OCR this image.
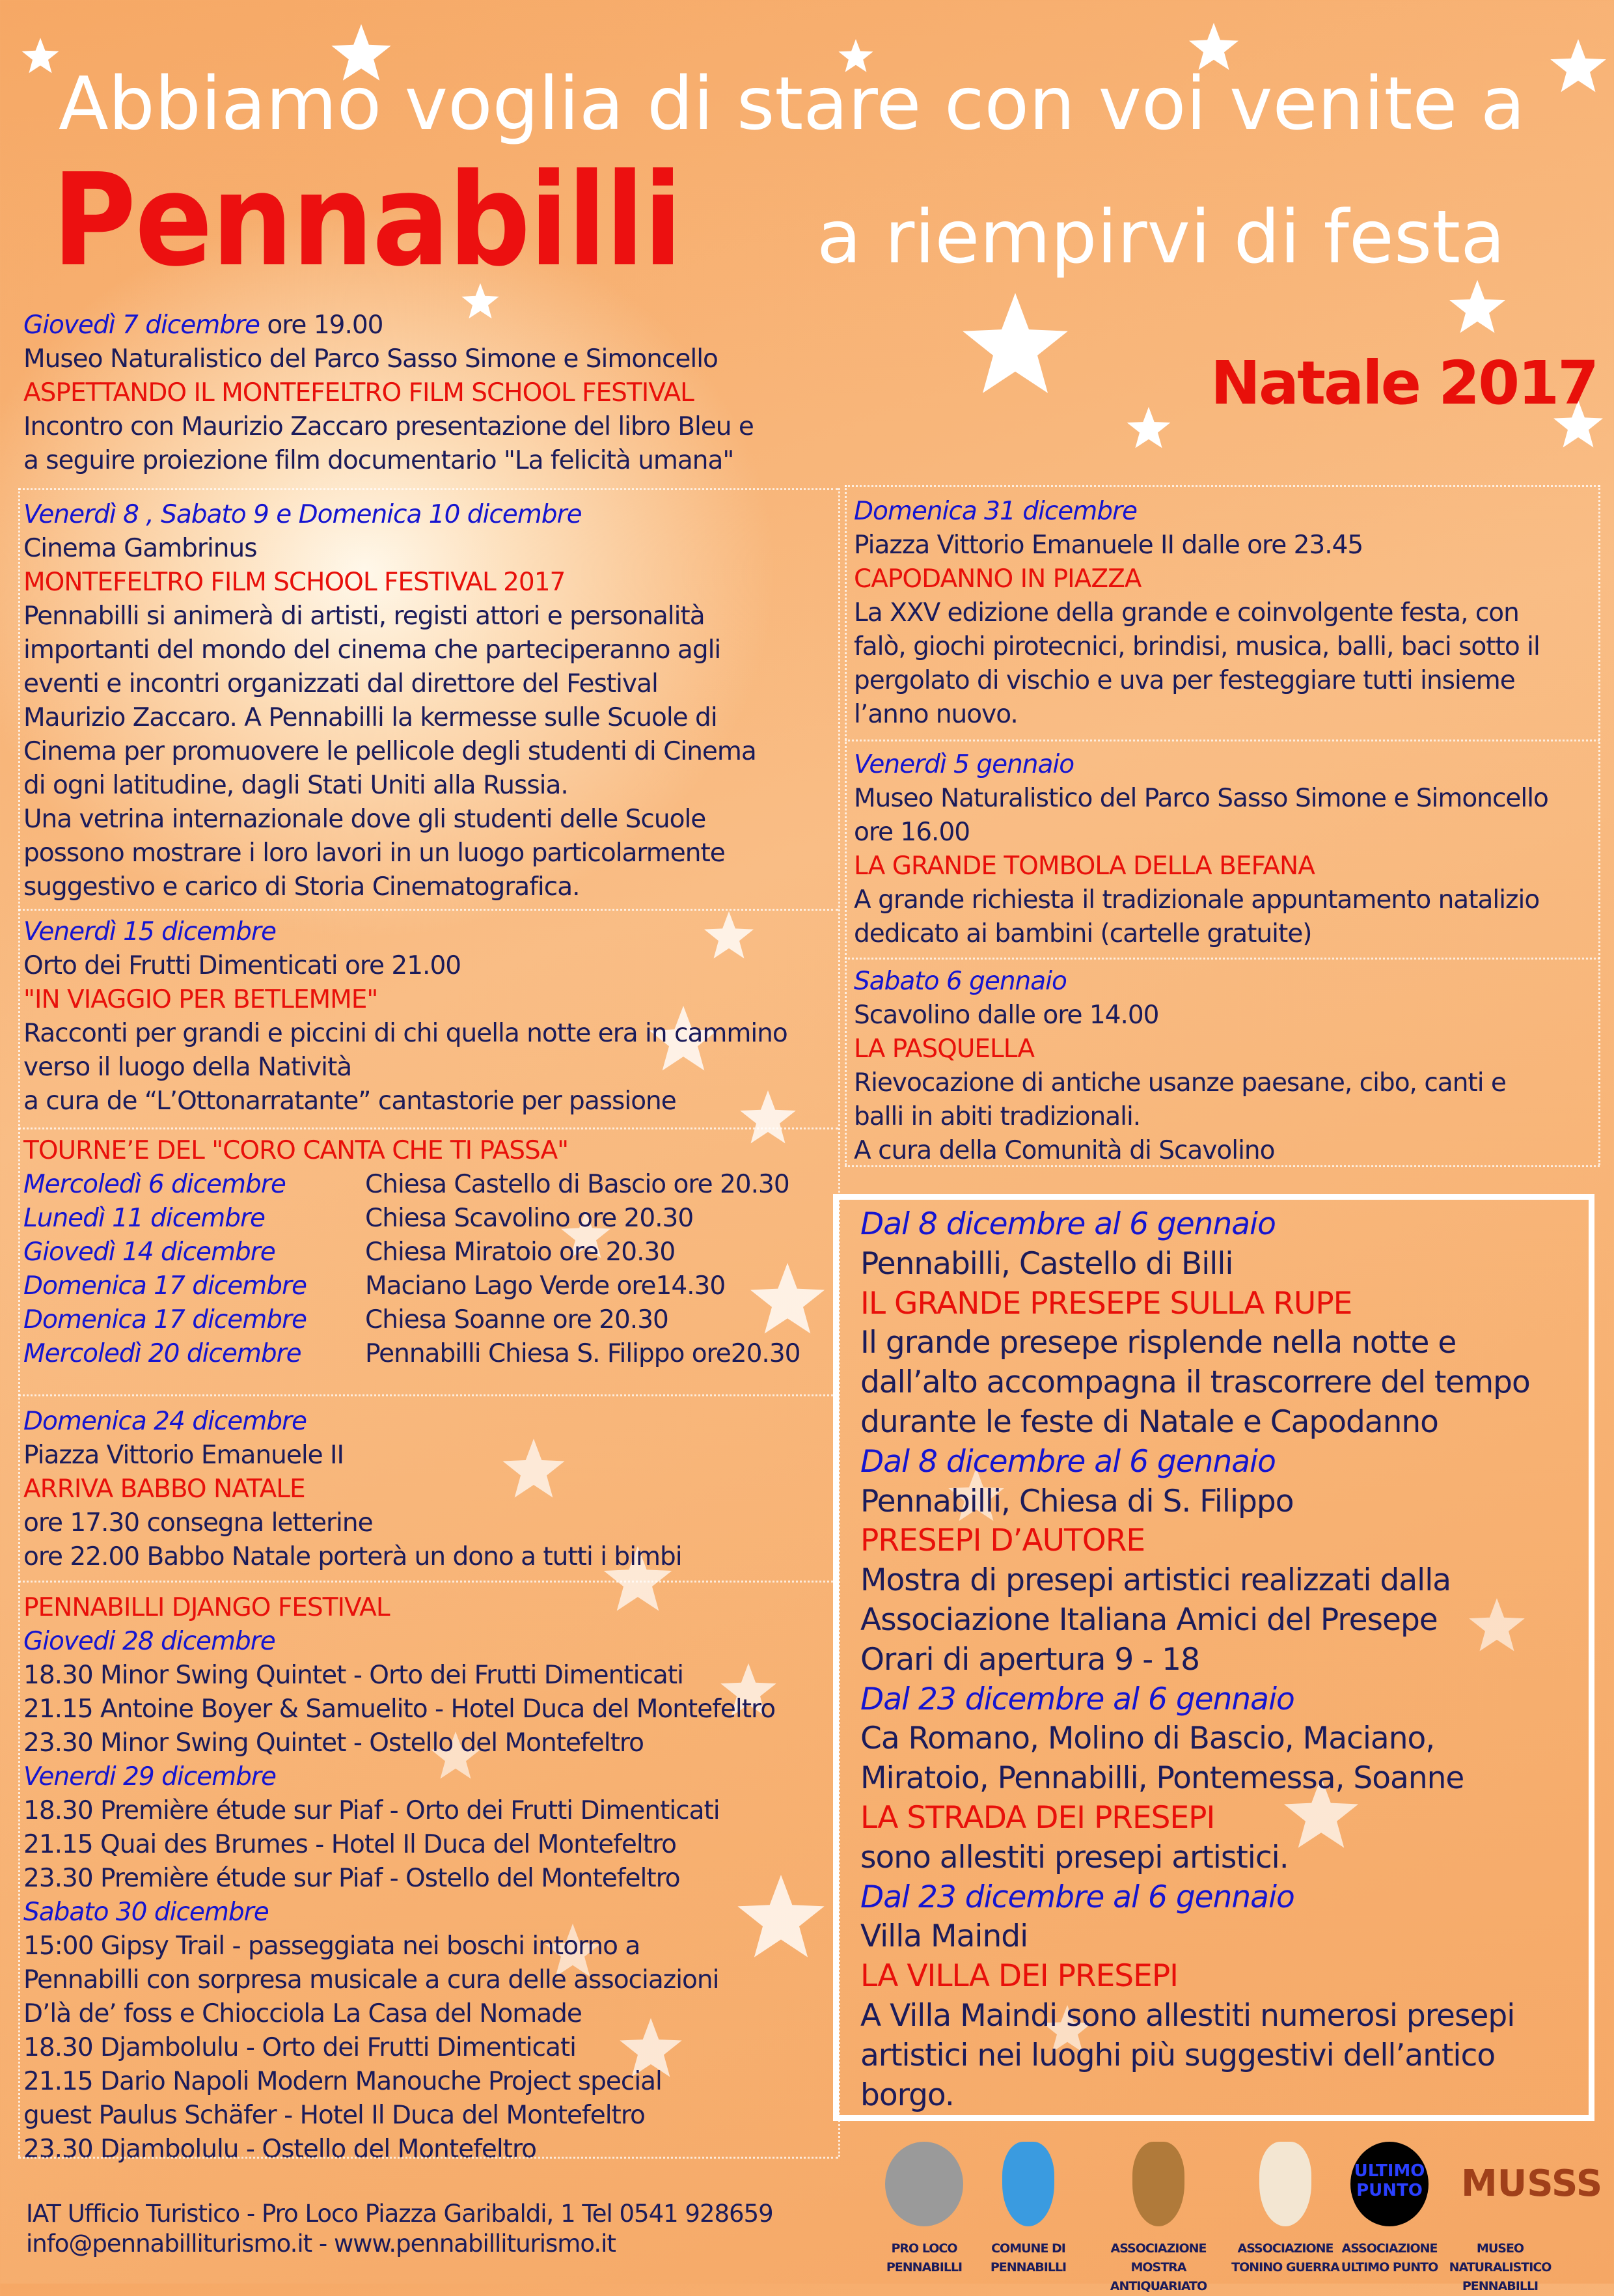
Abbiamo voglia di stare con voi venite a
Pennabilli a riempirvi di festa
Natale 2017
Giovedì 7 dicembre ore 19.00
Museo Naturalistico del Parco Sasso Simone e Simoncello
ASPETTANDO IL MONTEFELTRO FILM SCHOOL FESTIVAL
Incontro con Maurizio Zaccaro presentazione del libro Bleu e
a seguire proiezione film documentario "La felicità umana"
Venerdì 8 , Sabato 9 e Domenica 10 dicembre
Cinema Gambrinus
MONTEFELTRO FILM SCHOOL FESTIVAL 2017
Pennabilli si animerà di artisti, registi attori e personalità
importanti del mondo del cinema che parteciperanno agli
eventi e incontri organizzati dal direttore del Festival
Maurizio Zaccaro. A Pennabilli la kermesse sulle Scuole di
Cinema per promuovere le pellicole degli studenti di Cinema
di ogni latitudine, dagli Stati Uniti alla Russia.
Una vetrina internazionale dove gli studenti delle Scuole
possono mostrare i loro lavori in un luogo particolarmente
suggestivo e carico di Storia Cinematografica.
Venerdì 15 dicembre
Orto dei Frutti Dimenticati ore 21.00
"IN VIAGGIO PER BETLEMME"
Racconti per grandi e piccini di chi quella notte era in cammino
verso il luogo della Natività
a cura de “L’Ottonarratante” cantastorie per passione
TOURNE’E DEL "CORO CANTA CHE TI PASSA"
Mercoledì 6 dicembre	Chiesa Castello di Bascio ore 20.30
Lunedì 11 dicembre	Chiesa Scavolino ore 20.30
Giovedì 14 dicembre	Chiesa Miratoio ore 20.30
Domenica 17 dicembre Maciano Lago Verde ore14.30
Domenica 17 dicembre Chiesa Soanne ore 20.30
Mercoledì 20 dicembre	Pennabilli Chiesa S. Filippo ore20.30
Domenica 24 dicembre
Piazza Vittorio Emanuele II
ARRIVA BABBO NATALE
ore 17.30 consegna letterine
ore 22.00 Babbo Natale porterà un dono a tutti i bimbi
PENNABILLI DJANGO FESTIVAL
Giovedi 28 dicembre
18.30 Minor Swing Quintet - Orto dei Frutti Dimenticati
21.15 Antoine Boyer & Samuelito - Hotel Duca del Montefeltro
23.30 Minor Swing Quintet - Ostello del Montefeltro
Venerdi 29 dicembre
18.30 Première étude sur Piaf - Orto dei Frutti Dimenticati
21.15 Quai des Brumes - Hotel Il Duca del Montefeltro
23.30 Première étude sur Piaf - Ostello del Montefeltro
Sabato 30 dicembre
15:00 Gipsy Trail - passeggiata nei boschi intorno a
Pennabilli con sorpresa musicale a cura delle associazioni
D’là de’ foss e Chiocciola La Casa del Nomade
18.30 Djambolulu - Orto dei Frutti Dimenticati
21.15 Dario Napoli Modern Manouche Project special
guest Paulus Schäfer - Hotel Il Duca del Montefeltro
23.30 Djambolulu - Ostello del Montefeltro
Domenica 31 dicembre
Piazza Vittorio Emanuele II dalle ore 23.45
CAPODANNO IN PIAZZA
La XXV edizione della grande e coinvolgente festa, con
falò, giochi pirotecnici, brindisi, musica, balli, baci sotto il
pergolato di vischio e uva per festeggiare tutti insieme
l’anno nuovo.
Venerdì 5 gennaio
Museo Naturalistico del Parco Sasso Simone e Simoncello
ore 16.00
LA GRANDE TOMBOLA DELLA BEFANA
A grande richiesta il tradizionale appuntamento natalizio
dedicato ai bambini (cartelle gratuite)
Sabato 6 gennaio
Scavolino dalle ore 14.00
LA PASQUELLA
Rievocazione di antiche usanze paesane, cibo, canti e
balli in abiti tradizionali.
A cura della Comunità di Scavolino
Dal 8 dicembre al 6 gennaio
Pennabilli, Castello di Billi
IL GRANDE PRESEPE SULLA RUPE
Il grande presepe risplende nella notte e
dall’alto accompagna il trascorrere del tempo
durante le feste di Natale e Capodanno
Dal 8 dicembre al 6 gennaio
Pennabilli, Chiesa di S. Filippo
PRESEPI D’AUTORE
Mostra di presepi artistici realizzati dalla
Associazione Italiana Amici del Presepe
Orari di apertura 9 - 18
Dal 23 dicembre al 6 gennaio
Ca Romano, Molino di Bascio, Maciano,
Miratoio, Pennabilli, Pontemessa, Soanne
LA STRADA DEI PRESEPI
sono allestiti presepi artistici.
Dal 23 dicembre al 6 gennaio
Villa Maindi
LA VILLA DEI PRESEPI
A Villa Maindi sono allestiti numerosi presepi
artistici nei luoghi più suggestivi dell’antico
borgo.
IAT Ufficio Turistico - Pro Loco Piazza Garibaldi, 1 Tel 0541 928659
info@pennabilliturismo.it - www.pennabilliturismo.it	PRO LOCO
PENNABILLI
COMUNE DI
PENNABILLI
ASSOCIAZIONE
MOSTRA ANTIQUARIATO
ASSOCIAZIONE
TONINO GUERRA
ULTIMO PUNTO
ASSOCIAZIONE
ULTIMO PUNTO
MUSSS
MUSEO NATURALISTICO
PENNABILLI
